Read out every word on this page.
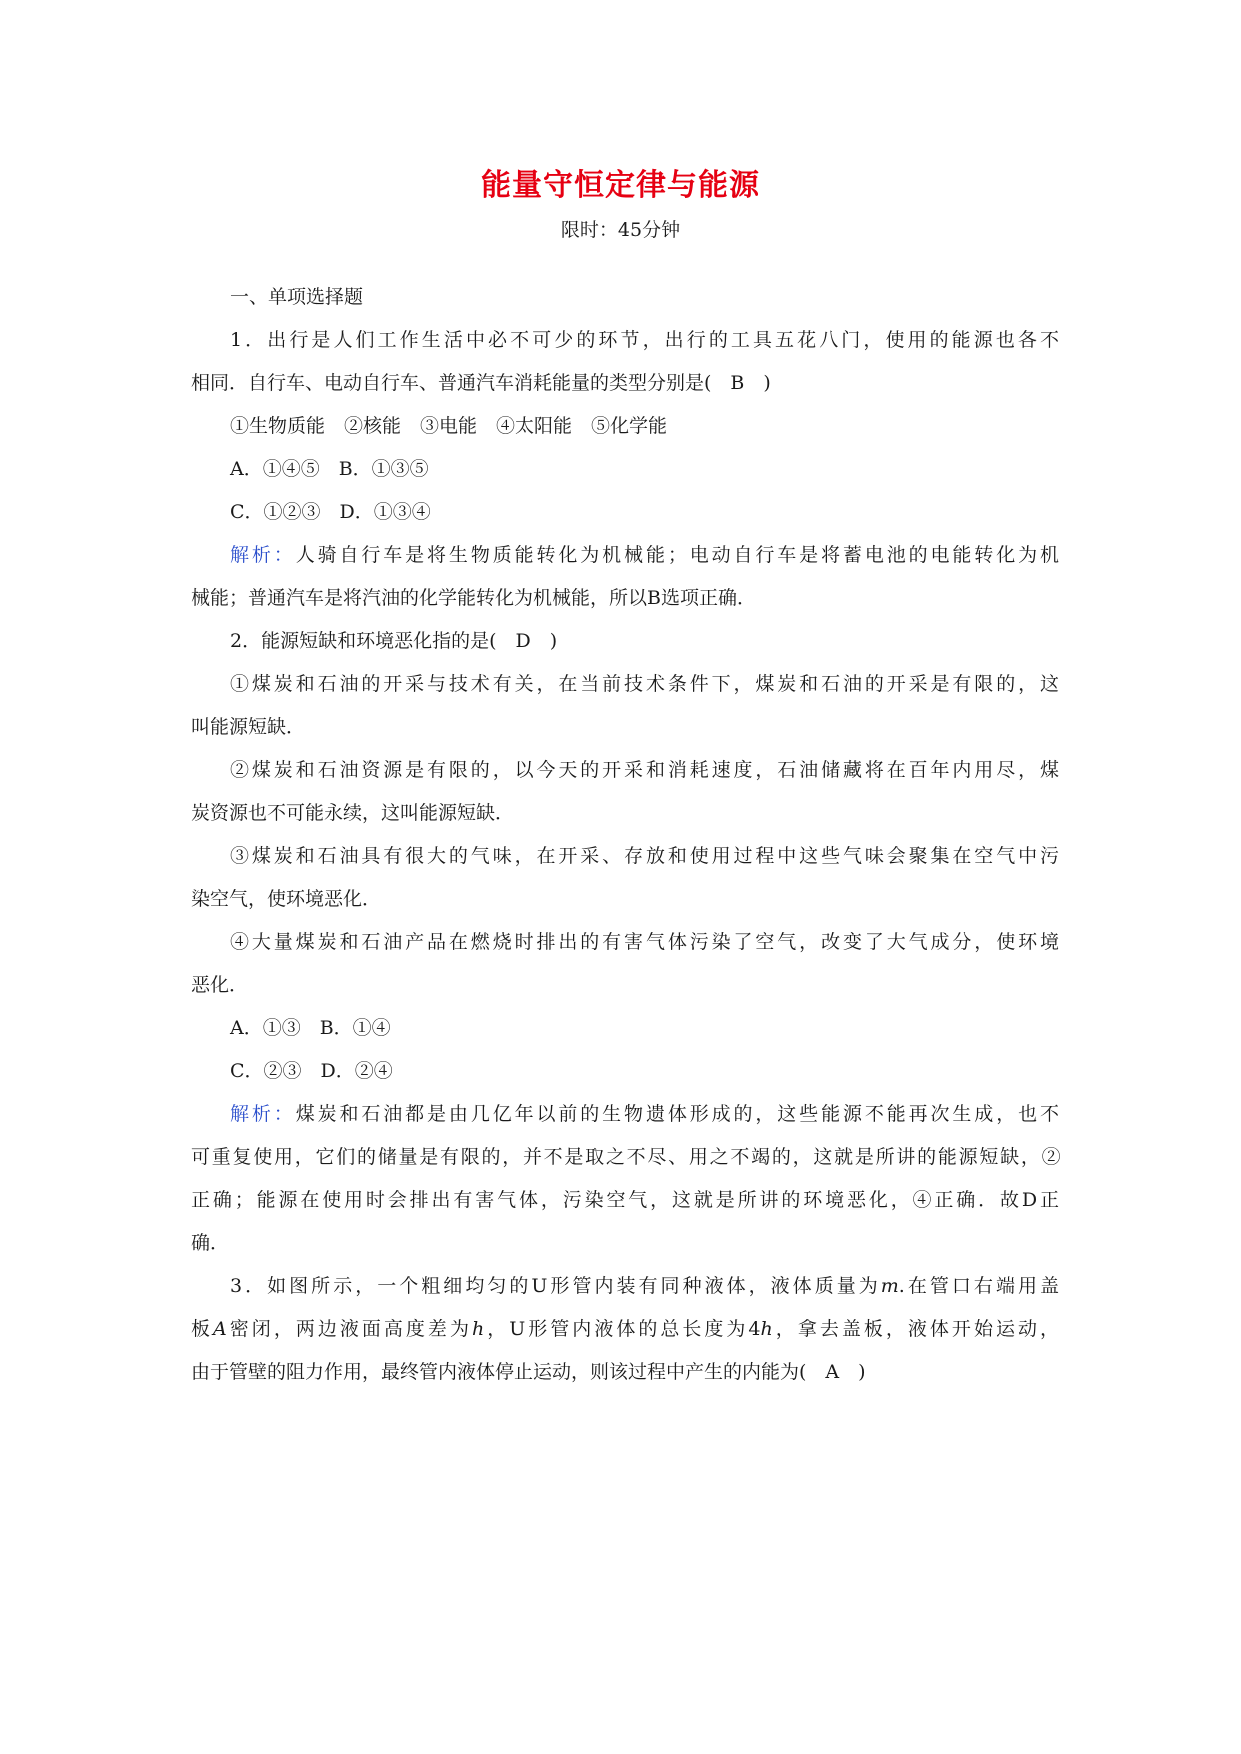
能量守恒定律与能源
限时：45分钟
一、单项选择题
1．出行是人们工作生活中必不可少的环节，出行的工具五花八门，使用的能源也各不
相同．自行车、电动自行车、普通汽车消耗能量的类型分别是(　B　)
①生物质能　②核能　③电能　④太阳能　⑤化学能
A．①④⑤　B．①③⑤
C．①②③　D．①③④
解析：人骑自行车是将生物质能转化为机械能；电动自行车是将蓄电池的电能转化为机
械能；普通汽车是将汽油的化学能转化为机械能，所以B选项正确．
2．能源短缺和环境恶化指的是(　D　)
①煤炭和石油的开采与技术有关，在当前技术条件下，煤炭和石油的开采是有限的，这
叫能源短缺．
②煤炭和石油资源是有限的，以今天的开采和消耗速度，石油储藏将在百年内用尽，煤
炭资源也不可能永续，这叫能源短缺．
③煤炭和石油具有很大的气味，在开采、存放和使用过程中这些气味会聚集在空气中污
染空气，使环境恶化．
④大量煤炭和石油产品在燃烧时排出的有害气体污染了空气，改变了大气成分，使环境
恶化．
A．①③　B．①④
C．②③　D．②④
解析：煤炭和石油都是由几亿年以前的生物遗体形成的，这些能源不能再次生成，也不
可重复使用，它们的储量是有限的，并不是取之不尽、用之不竭的，这就是所讲的能源短缺，②
正确；能源在使用时会排出有害气体，污染空气，这就是所讲的环境恶化，④正确．故D正
确．
3．如图所示，一个粗细均匀的U形管内装有同种液体，液体质量为m.在管口右端用盖
板A密闭，两边液面高度差为h，U形管内液体的总长度为4h，拿去盖板，液体开始运动，
由于管壁的阻力作用，最终管内液体停止运动，则该过程中产生的内能为(　A　)
